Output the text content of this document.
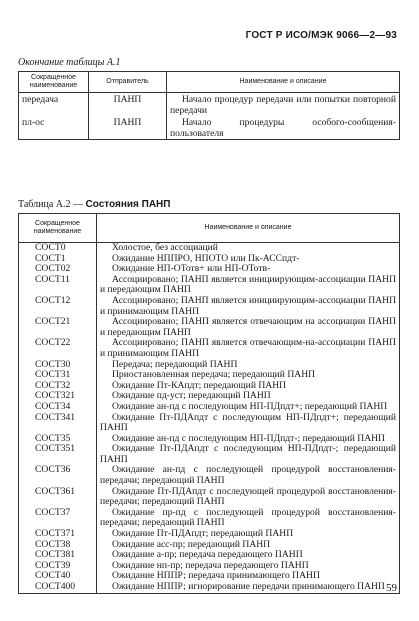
ГОСТ Р ИСО/МЭК 9066—2—93
Окончание таблицы А.1
Сокращенное наименование	Отправитель	Наименование и описание
передача	ПАНП	Начало процедур передачи или попытки повторной передачи
пл-ос	ПАНП	Начало процедуры особого-сообщения-пользователя
Таблица А.2 — Состояния ПАНП
Сокращенное наименование	Наименование и описание
СОСТ0	Холостое, без ассоциаций
СОСТ1	Ожидание НППРО, НПОТО или Пк-АССпдт-
СОСТ02	Ожидание НП-ОТотв+ или НП-ОТотв-
СОСТ11	Ассоциировано; ПАНП является инициирующим-ассоциации ПАНП и передающим ПАНП
СОСТ12	Ассоциировано; ПАНП является инициирующим-ассоциации ПАНП и принимающим ПАНП
СОСТ21	Ассоциировано; ПАНП является отвечающим на ассоциации ПАНП и передающим ПАНП
СОСТ22	Ассоциировано; ПАНП является отвечающим-на-ассоциации ПАНП и принимающим ПАНП
СОСТ30	Передача; передающий ПАНП
СОСТ31	Приостановленная передача; передающий ПАНП
СОСТ32	Ожидание Пт-КАпдт; передающий ПАНП
СОСТ321	Ожидание пд-уст; передающий ПАНП
СОСТ34	Ожидание ан-пд с последующим НП-ПДпдт+; передающий ПАНП
СОСТ341	Ожидание Пт-ПДАпдт с последующим НП-ПДпдт+; передающий ПАНП
СОСТ35	Ожидание ан-пд с последующим НП-ПДпдт-; передающий ПАНП
СОСТ351	Ожидание Пт-ПДАпдт с последующим НП-ПДпдт-; передающий ПАНП
СОСТ36	Ожидание ан-пд с последующей процедурой восстановления-передачи; передающий ПАНП
СОСТ361	Ожидание Пт-ПДАпдт с последующей процедурой восстановления-передачи; передающий ПАНП
СОСТ37	Ожидание пр-пд с последующей процедурой восстановления-передачи; передающий ПАНП
СОСТ371	Ожидание Пт-ПДАпдт; передающий ПАНП
СОСТ38	Ожидание асс-пр; передающий ПАНП
СОСТ381	Ожидание а-пр; передача передающего ПАНП
СОСТ39	Ожидание нп-пр; передача передающего ПАНП
СОСТ40	Ожидание НППР; передача принимающего ПАНП
СОСТ400	Ожидание НППР; игнорирование передачи принимающего ПАНП 59
